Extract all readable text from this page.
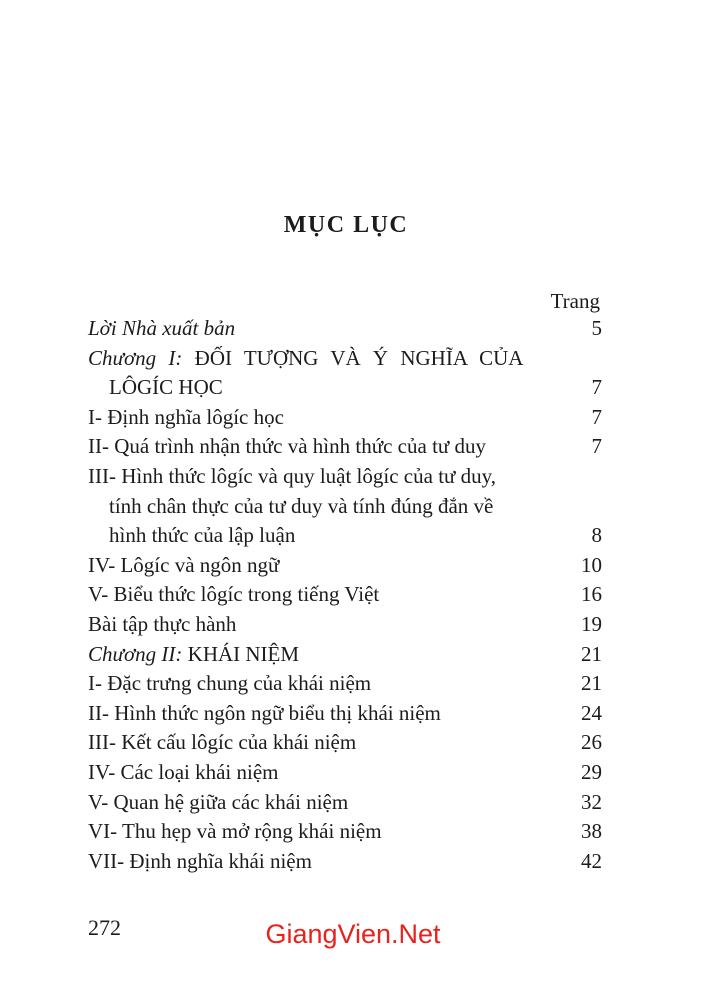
MỤC LỤC
Trang
Lời Nhà xuất bản	5
Chương I: ĐỐI TƯỢNG VÀ Ý NGHĨA CỦA
LÔGÍC HỌC	7
I- Định nghĩa lôgíc học	7
II- Quá trình nhận thức và hình thức của tư duy	7
III- Hình thức lôgíc và quy luật lôgíc của tư duy,
tính chân thực của tư duy và tính đúng đắn về
hình thức của lập luận	8
IV- Lôgíc và ngôn ngữ	10
V- Biểu thức lôgíc trong tiếng Việt	16
Bài tập thực hành	19
Chương II: KHÁI NIỆM	21
I- Đặc trưng chung của khái niệm	21
II- Hình thức ngôn ngữ biểu thị khái niệm	24
III- Kết cấu lôgíc của khái niệm	26
IV- Các loại khái niệm	29
V- Quan hệ giữa các khái niệm	32
VI- Thu hẹp và mở rộng khái niệm	38
VII- Định nghĩa khái niệm	42
272	GiangVien.Net
